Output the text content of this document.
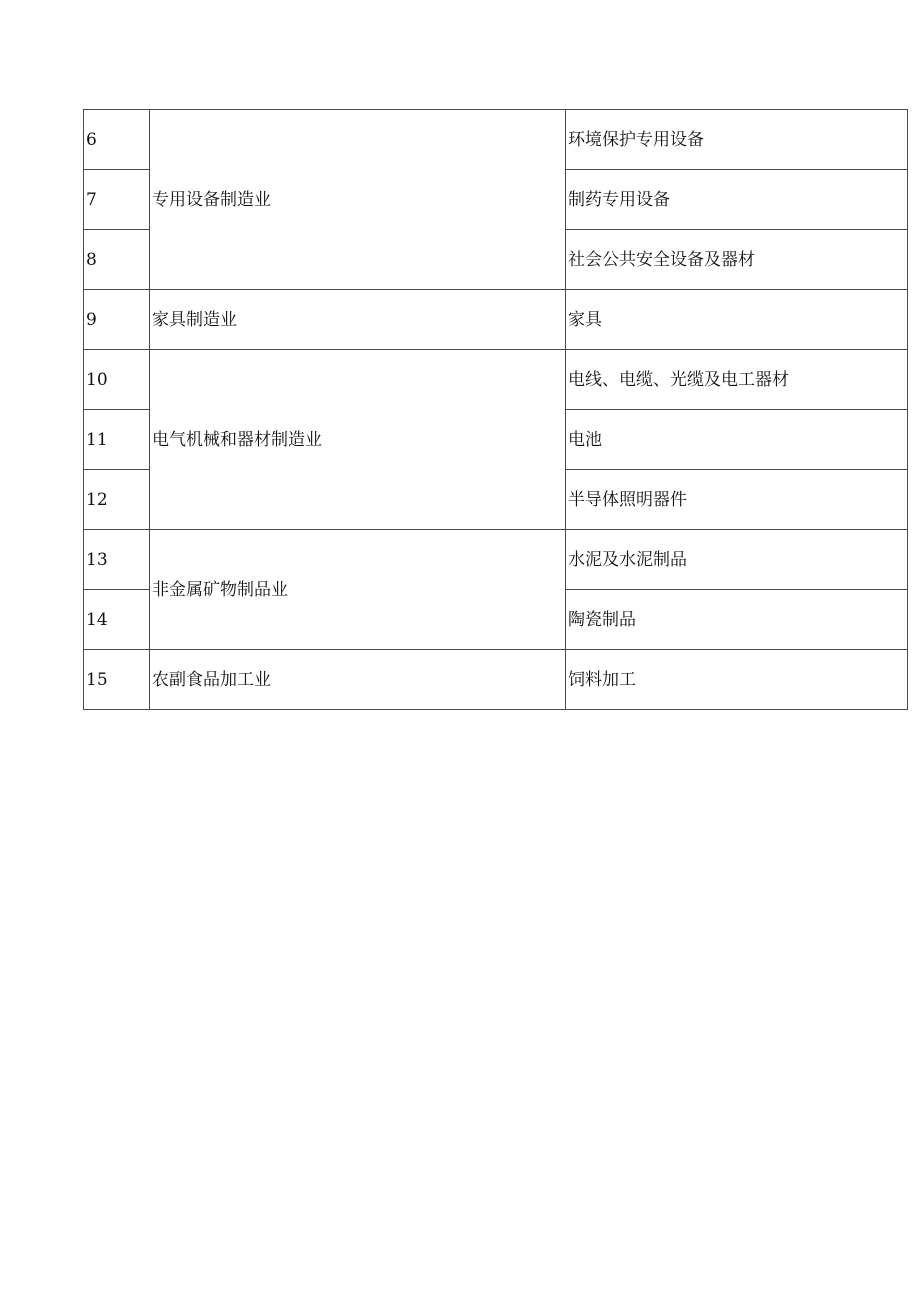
6	专用设备制造业	环境保护专用设备
7		制药专用设备
8		社会公共安全设备及器材
9	家具制造业	家具
10	电气机械和器材制造业	电线、电缆、光缆及电工器材
11		电池
12		半导体照明器件
13	非金属矿物制品业	水泥及水泥制品
14		陶瓷制品
15	农副食品加工业	饲料加工
